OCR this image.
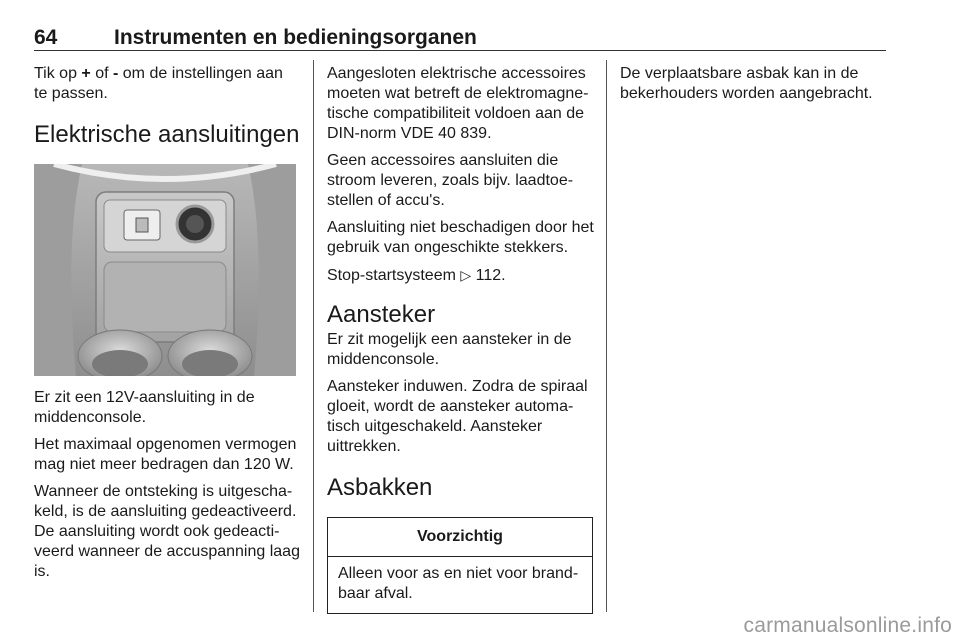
64	Instrumenten en bedieningsorganen

Tik op + of - om de instellingen aan te passen.

Elektrische aansluitingen

Er zit een 12V-aansluiting in de middenconsole.

Het maximaal opgenomen vermogen mag niet meer bedragen dan 120 W.

Wanneer de ontsteking is uitgescha-keld, is de aansluiting gedeactiveerd. De aansluiting wordt ook gedeacti-veerd wanneer de accuspanning laag is.

Aangesloten elektrische accessoires moeten wat betreft de elektromagne-tische compatibiliteit voldoen aan de DIN-norm VDE 40 839.

Geen accessoires aansluiten die stroom leveren, zoals bijv. laadtoe-stellen of accu's.

Aansluiting niet beschadigen door het gebruik van ongeschikte stekkers.

Stop-startsysteem ▷ 112.

Aansteker

Er zit mogelijk een aansteker in de middenconsole.

Aansteker induwen. Zodra de spiraal gloeit, wordt de aansteker automa-tisch uitgeschakeld. Aansteker uittrekken.

Asbakken
Voorzichtig
Alleen voor as en niet voor brand-baar afval.

De verplaatsbare asbak kan in de bekerhouders worden aangebracht.

carmanualsonline.info
